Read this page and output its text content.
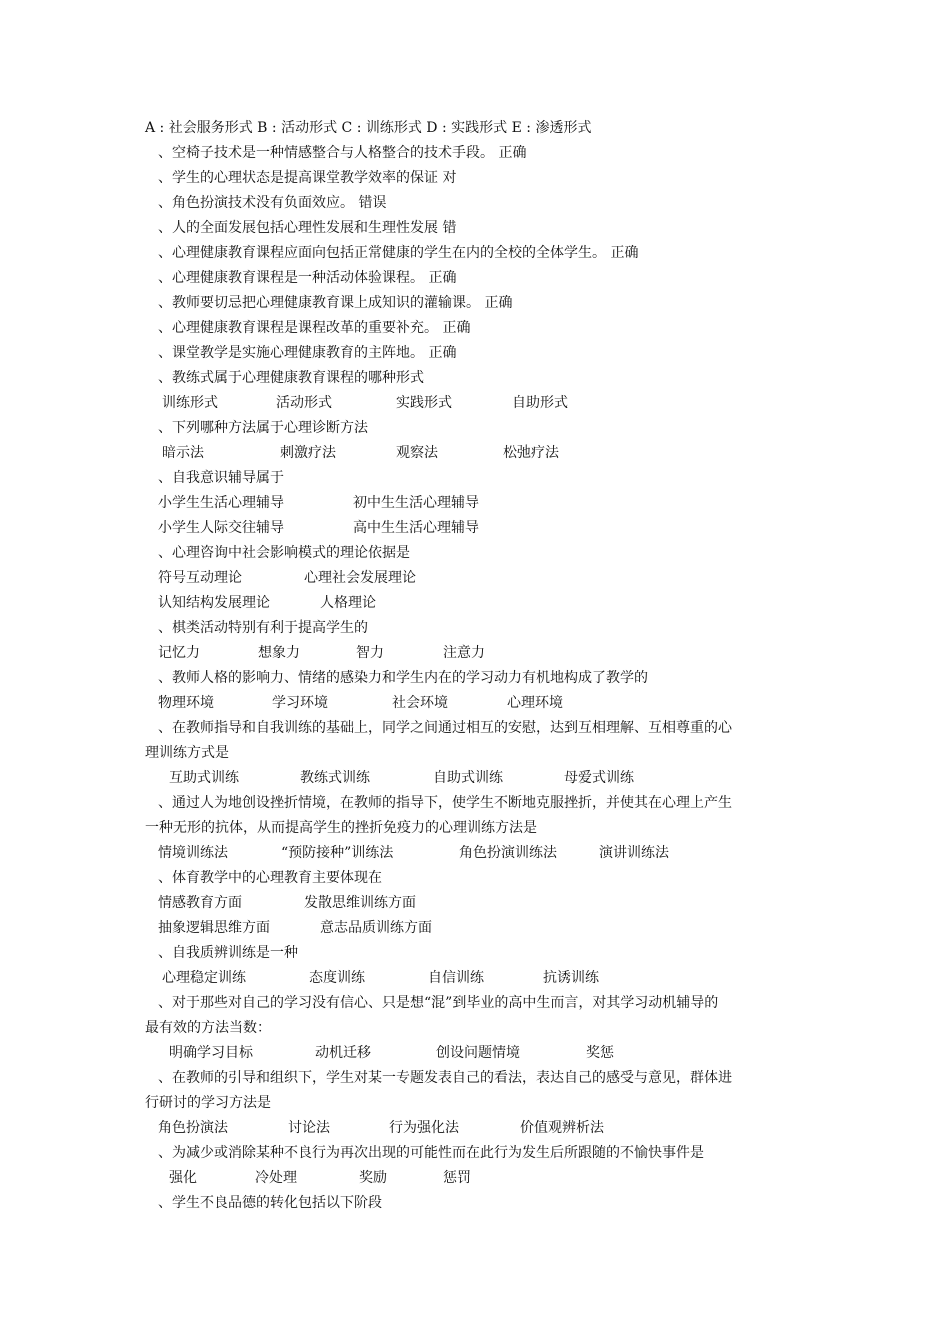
A : 社会服务形式 B : 活动形式 C : 训练形式 D : 实践形式 E : 渗透形式
、空椅子技术是一种情感整合与人格整合的技术手段。 正确
、学生的心理状态是提高课堂教学效率的保证 对
、角色扮演技术没有负面效应。 错误
、人的全面发展包括心理性发展和生理性发展 错
、心理健康教育课程应面向包括正常健康的学生在内的全校的全体学生。 正确
、心理健康教育课程是一种活动体验课程。 正确
、教师要切忌把心理健康教育课上成知识的灌输课。 正确
、心理健康教育课程是课程改革的重要补充。 正确
、课堂教学是实施心理健康教育的主阵地。 正确
、教练式属于心理健康教育课程的哪种形式
、下列哪种方法属于心理诊断方法
、自我意识辅导属于
、心理咨询中社会影响模式的理论依据是
、棋类活动特别有利于提高学生的
、教师人格的影响力、情绪的感染力和学生内在的学习动力有机地构成了教学的
、在教师指导和自我训练的基础上，同学之间通过相互的安慰，达到互相理解、互相尊重的心
理训练方式是
、通过人为地创设挫折情境，在教师的指导下，使学生不断地克服挫折，并使其在心理上产生
一种无形的抗体，从而提高学生的挫折免疫力的心理训练方法是
、体育教学中的心理教育主要体现在
、自我质辨训练是一种
、对于那些对自己的学习没有信心、只是想“混”到毕业的高中生而言，对其学习动机辅导的
最有效的方法当数：
、在教师的引导和组织下，学生对某一专题发表自己的看法，表达自己的感受与意见，群体进
行研讨的学习方法是
、为减少或消除某种不良行为再次出现的可能性而在此行为发生后所跟随的不愉快事件是
、学生不良品德的转化包括以下阶段
训练形式	活动形式	实践形式	自助形式
暗示法	刺激疗法	观察法	松弛疗法
小学生生活心理辅导	初中生生活心理辅导
小学生人际交往辅导	高中生生活心理辅导
符号互动理论	心理社会发展理论
认知结构发展理论	人格理论
记忆力	想象力	智力	注意力
物理环境	学习环境	社会环境	心理环境
互助式训练	教练式训练	自助式训练	母爱式训练
情境训练法	“预防接种”训练法	角色扮演训练法	演讲训练法
情感教育方面	发散思维训练方面
抽象逻辑思维方面	意志品质训练方面
心理稳定训练	态度训练	自信训练	抗诱训练
明确学习目标	动机迁移	创设问题情境	奖惩
角色扮演法	讨论法	行为强化法	价值观辨析法
强化	冷处理	奖励	惩罚
